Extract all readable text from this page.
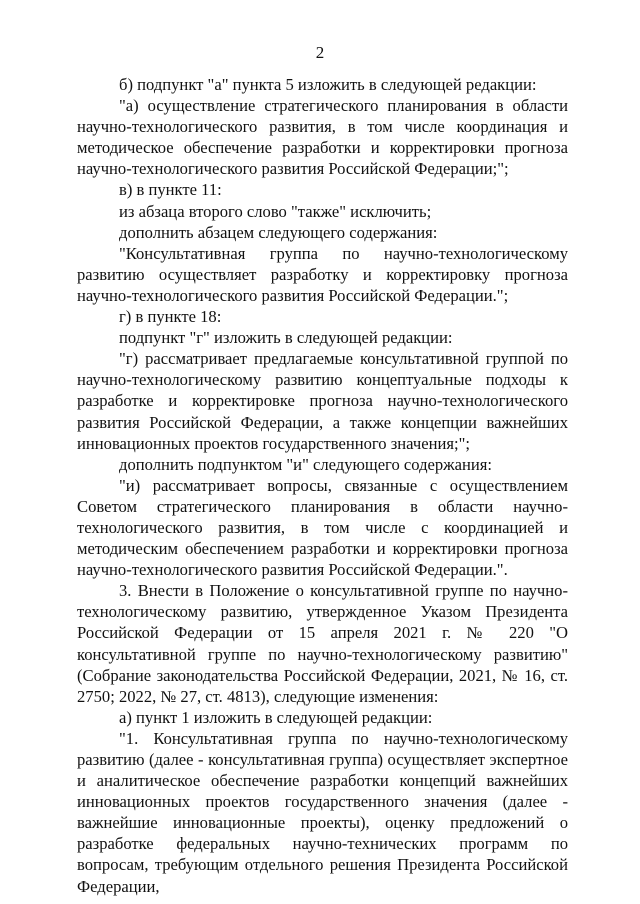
2

б) подпункт "а" пункта 5 изложить в следующей редакции:

"а) осуществление стратегического планирования в области научно-технологического развития, в том числе координация и методическое обеспечение разработки и корректировки прогноза научно-технологического развития Российской Федерации;";

в) в пункте 11:

из абзаца второго слово "также" исключить;

дополнить абзацем следующего содержания:

"Консультативная группа по научно-технологическому развитию осуществляет разработку и корректировку прогноза научно-технологического развития Российской Федерации.";

г) в пункте 18:

подпункт "г" изложить в следующей редакции:

"г) рассматривает предлагаемые консультативной группой по научно-технологическому развитию концептуальные подходы к разработке и корректировке прогноза научно-технологического развития Российской Федерации, а также концепции важнейших инновационных проектов государственного значения;";

дополнить подпунктом "и" следующего содержания:

"и) рассматривает вопросы, связанные с осуществлением Советом стратегического планирования в области научно-технологического развития, в том числе с координацией и методическим обеспечением разработки и корректировки прогноза научно-технологического развития Российской Федерации.".

3. Внести в Положение о консультативной группе по научно-технологическому развитию, утвержденное Указом Президента Российской Федерации от 15 апреля 2021 г. № 220 "О консультативной группе по научно-технологическому развитию" (Собрание законодательства Российской Федерации, 2021, № 16, ст. 2750; 2022, № 27, ст. 4813), следующие изменения:

а) пункт 1 изложить в следующей редакции:

"1. Консультативная группа по научно-технологическому развитию (далее - консультативная группа) осуществляет экспертное и аналитическое обеспечение разработки концепций важнейших инновационных проектов государственного значения (далее - важнейшие инновационные проекты), оценку предложений о разработке федеральных научно-технических программ по вопросам, требующим отдельного решения Президента Российской Федерации,
